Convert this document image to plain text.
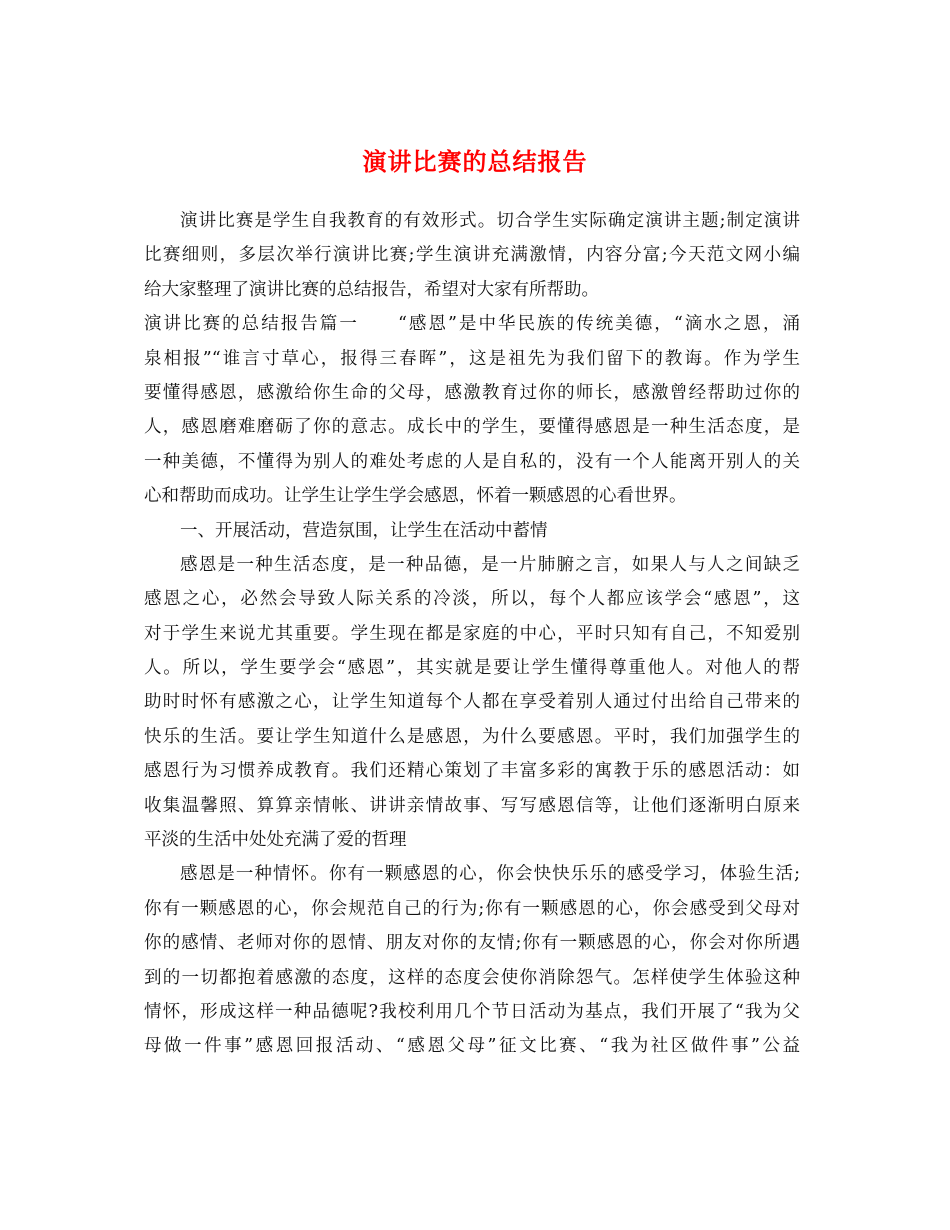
演讲比赛的总结报告
演讲比赛是学生自我教育的有效形式。切合学生实际确定演讲主题;制定演讲
比赛细则，多层次举行演讲比赛;学生演讲充满激情，内容分富;今天范文网小编
给大家整理了演讲比赛的总结报告，希望对大家有所帮助。
演讲比赛的总结报告篇一　　“感恩”是中华民族的传统美德，“滴水之恩，涌
泉相报”“谁言寸草心，报得三春晖”，这是祖先为我们留下的教诲。作为学生
要懂得感恩，感激给你生命的父母，感激教育过你的师长，感激曾经帮助过你的
人，感恩磨难磨砺了你的意志。成长中的学生，要懂得感恩是一种生活态度，是
一种美德，不懂得为别人的难处考虑的人是自私的，没有一个人能离开别人的关
心和帮助而成功。让学生让学生学会感恩，怀着一颗感恩的心看世界。
一、开展活动，营造氛围，让学生在活动中蓄情
感恩是一种生活态度，是一种品德，是一片肺腑之言，如果人与人之间缺乏
感恩之心，必然会导致人际关系的冷淡，所以，每个人都应该学会“感恩”，这
对于学生来说尤其重要。学生现在都是家庭的中心，平时只知有自己，不知爱别
人。所以，学生要学会“感恩”，其实就是要让学生懂得尊重他人。对他人的帮
助时时怀有感激之心，让学生知道每个人都在享受着别人通过付出给自己带来的
快乐的生活。要让学生知道什么是感恩，为什么要感恩。平时，我们加强学生的
感恩行为习惯养成教育。我们还精心策划了丰富多彩的寓教于乐的感恩活动：如
收集温馨照、算算亲情帐、讲讲亲情故事、写写感恩信等，让他们逐渐明白原来
平淡的生活中处处充满了爱的哲理
感恩是一种情怀。你有一颗感恩的心，你会快快乐乐的感受学习，体验生活;
你有一颗感恩的心，你会规范自己的行为;你有一颗感恩的心，你会感受到父母对
你的感情、老师对你的恩情、朋友对你的友情;你有一颗感恩的心，你会对你所遇
到的一切都抱着感激的态度，这样的态度会使你消除怨气。怎样使学生体验这种
情怀，形成这样一种品德呢?我校利用几个节日活动为基点，我们开展了“我为父
母做一件事”感恩回报活动、“感恩父母”征文比赛、“我为社区做件事”公益
